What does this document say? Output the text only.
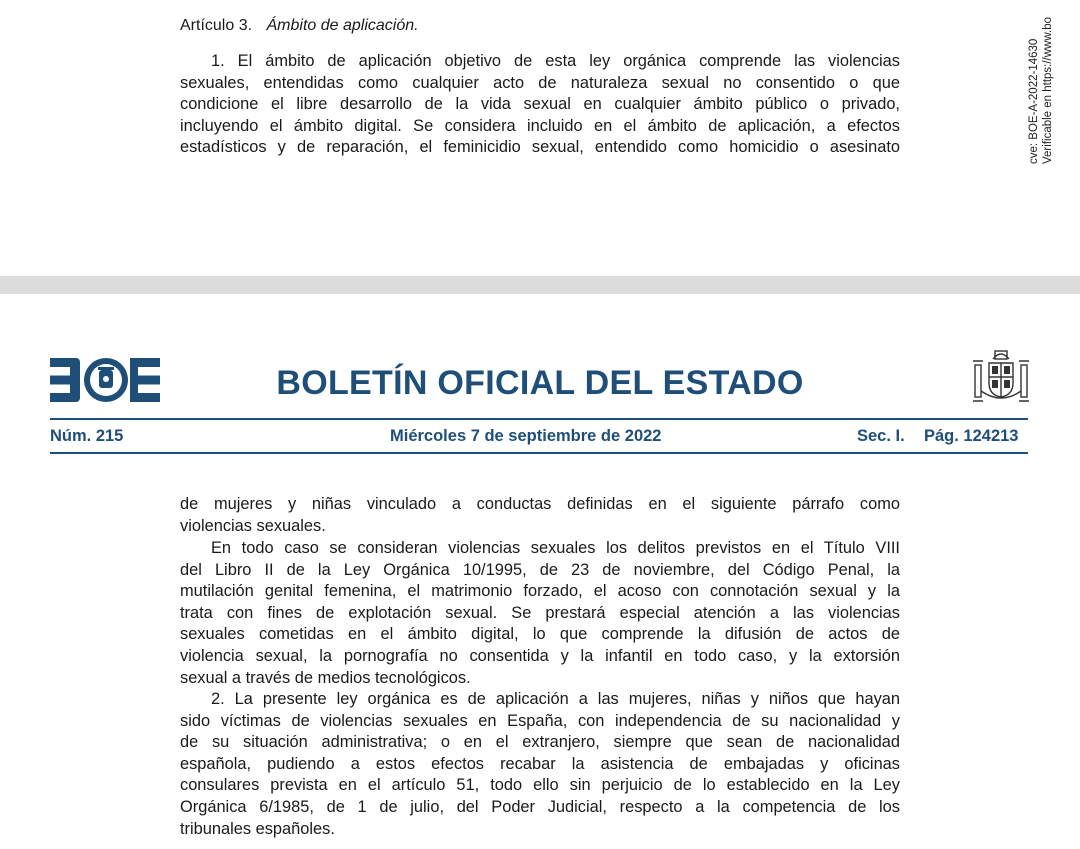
Artículo 3. Ámbito de aplicación.

1. El ámbito de aplicación objetivo de esta ley orgánica comprende las violencias
sexuales, entendidas como cualquier acto de naturaleza sexual no consentido o que
condicione el libre desarrollo de la vida sexual en cualquier ámbito público o privado,
incluyendo el ámbito digital. Se considera incluido en el ámbito de aplicación, a efectos
estadísticos y de reparación, el feminicidio sexual, entendido como homicidio o asesinato	cve: BOE-A-2022-14630 Verificable en https://www.bo
BOLETÍN OFICIAL DEL ESTADO
Núm. 215	Miércoles 7 de septiembre de 2022	Sec. I. Pág. 124213

de mujeres y niñas vinculado a conductas definidas en el siguiente párrafo como
violencias sexuales.

En todo caso se consideran violencias sexuales los delitos previstos en el Título VIII
del Libro II de la Ley Orgánica 10/1995, de 23 de noviembre, del Código Penal, la
mutilación genital femenina, el matrimonio forzado, el acoso con connotación sexual y la
trata con fines de explotación sexual. Se prestará especial atención a las violencias
sexuales cometidas en el ámbito digital, lo que comprende la difusión de actos de
violencia sexual, la pornografía no consentida y la infantil en todo caso, y la extorsión
sexual a través de medios tecnológicos.

2. La presente ley orgánica es de aplicación a las mujeres, niñas y niños que hayan
sido víctimas de violencias sexuales en España, con independencia de su nacionalidad y
de su situación administrativa; o en el extranjero, siempre que sean de nacionalidad
española, pudiendo a estos efectos recabar la asistencia de embajadas y oficinas
consulares prevista en el artículo 51, todo ello sin perjuicio de lo establecido en la Ley
Orgánica 6/1985, de 1 de julio, del Poder Judicial, respecto a la competencia de los
tribunales españoles.
